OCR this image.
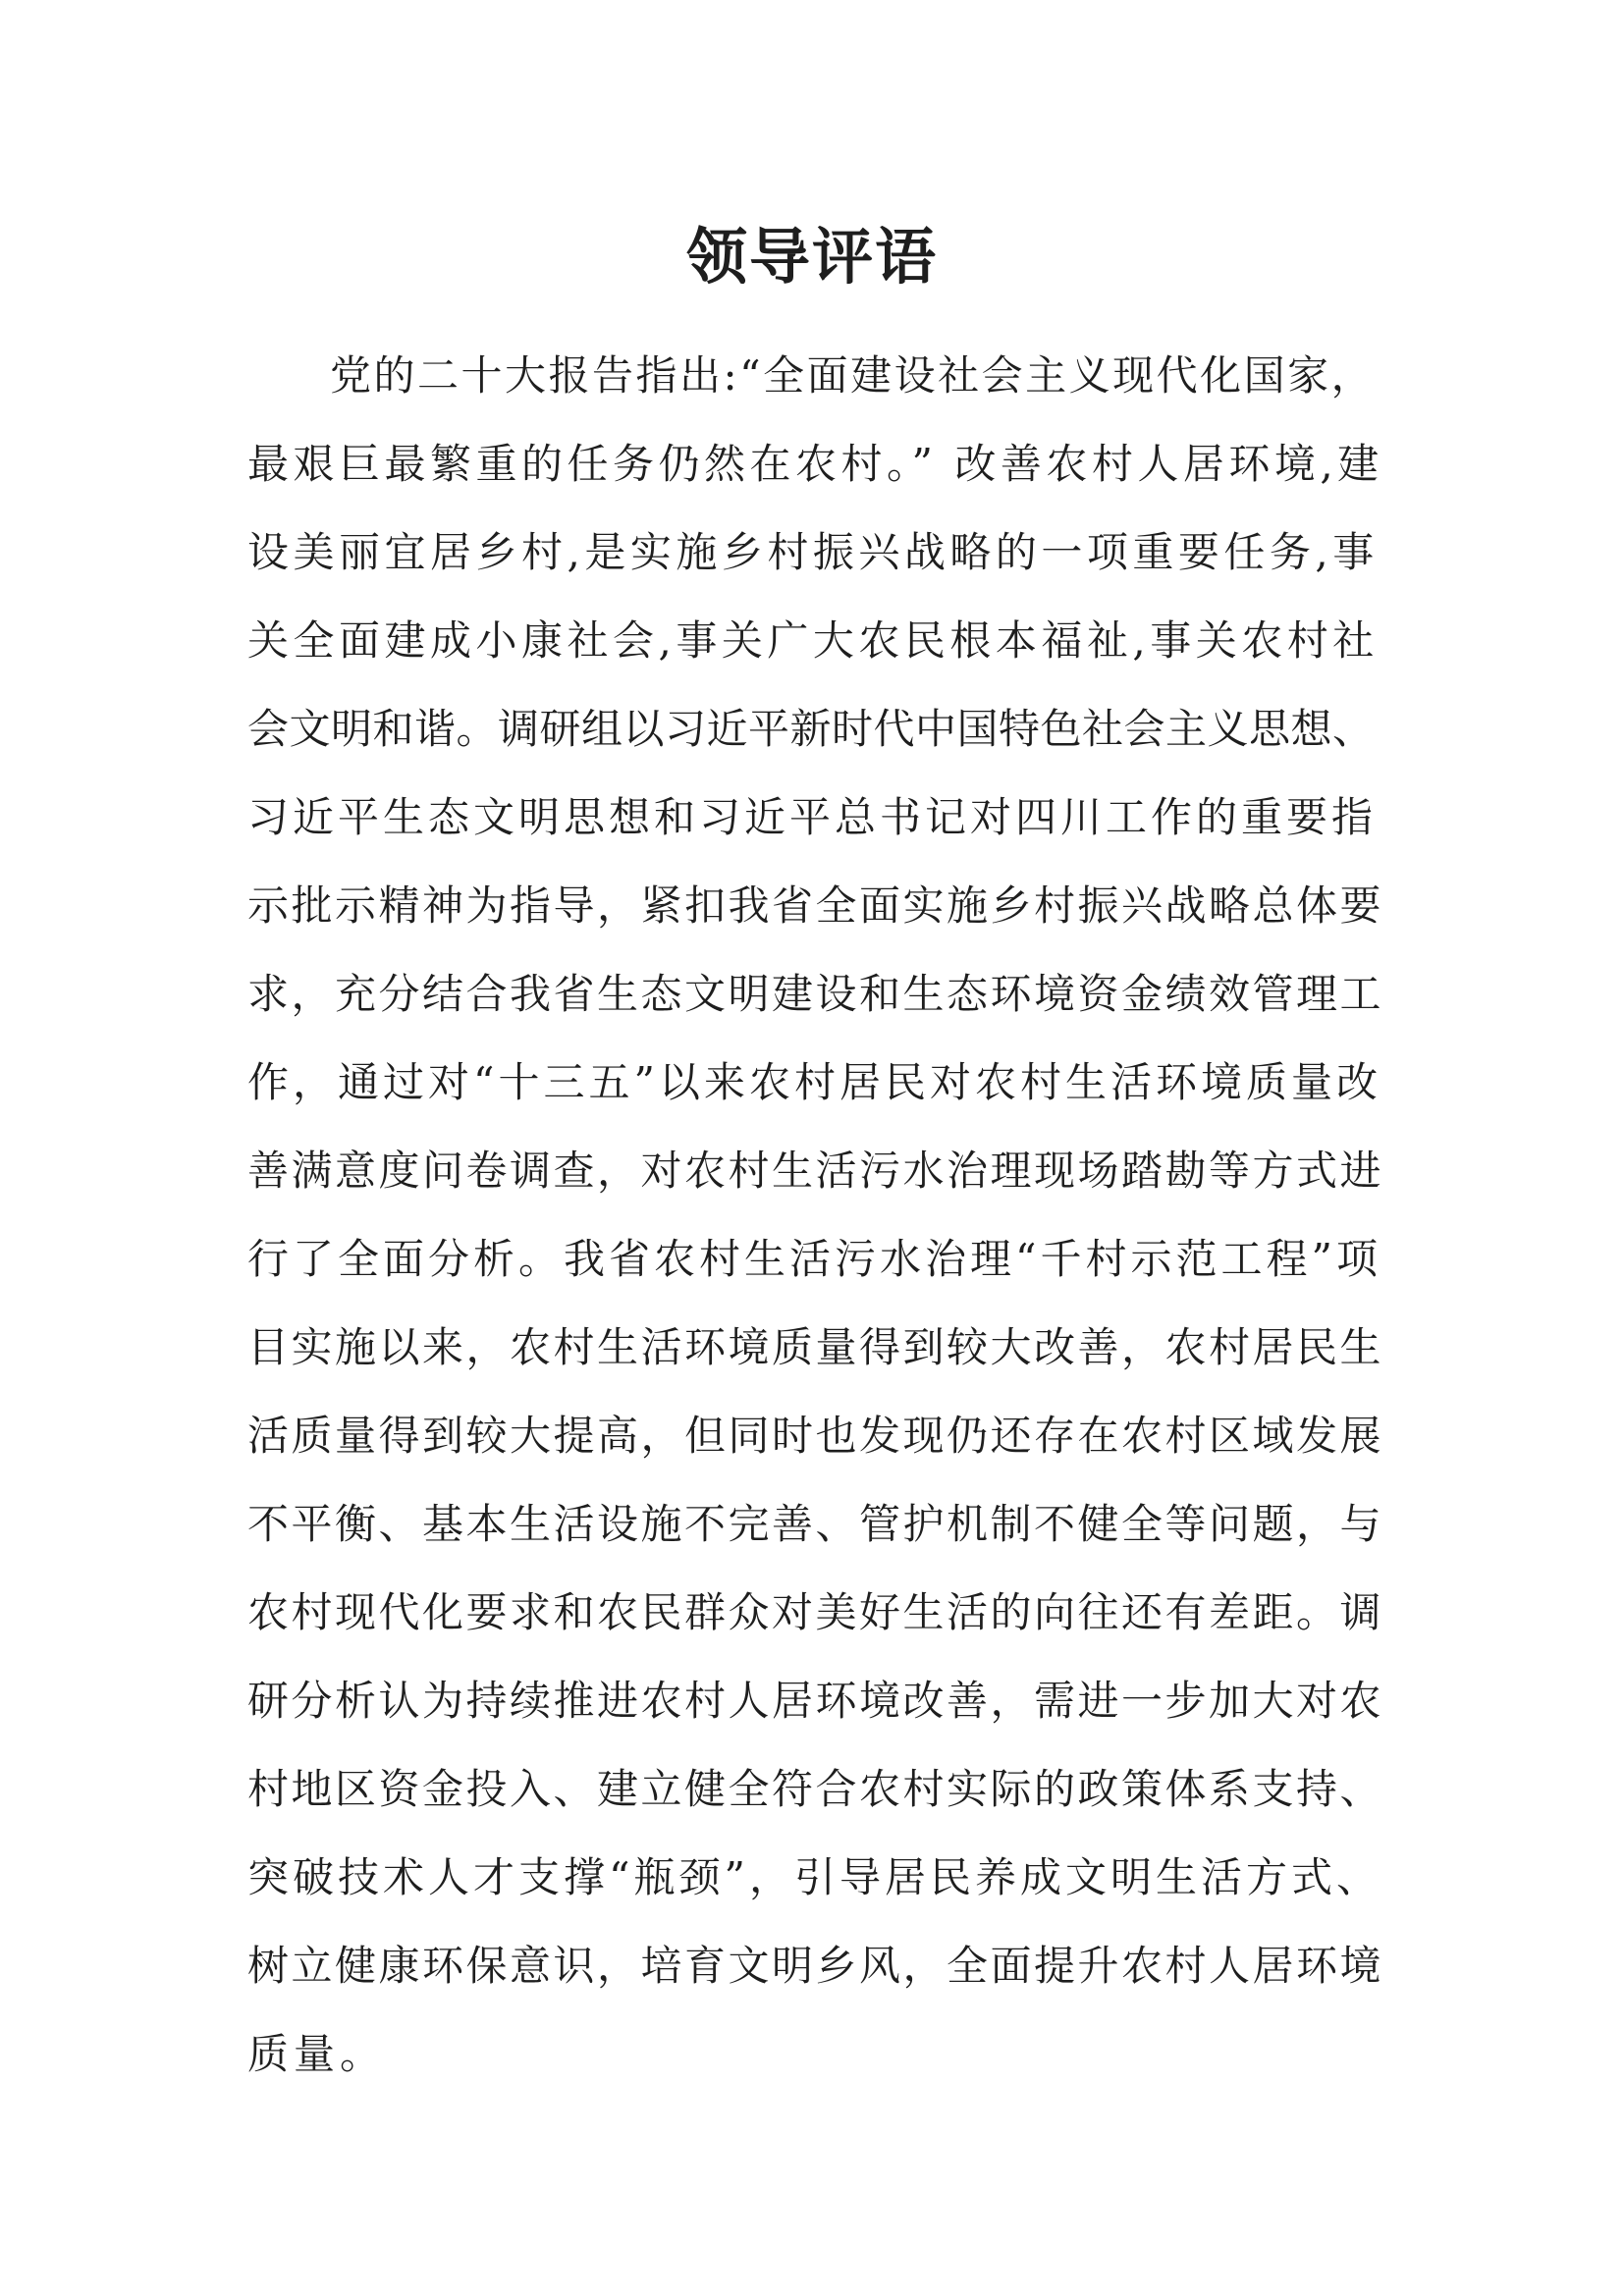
领导评语
党的二十大报告指出:“全面建设社会主义现代化国家，
最艰巨最繁重的任务仍然在农村。” 改善农村人居环境,建
设美丽宜居乡村,是实施乡村振兴战略的一项重要任务,事
关全面建成小康社会,事关广大农民根本福祉,事关农村社
会文明和谐。调研组以习近平新时代中国特色社会主义思想、
习近平生态文明思想和习近平总书记对四川工作的重要指
示批示精神为指导，紧扣我省全面实施乡村振兴战略总体要
求，充分结合我省生态文明建设和生态环境资金绩效管理工
作，通过对“十三五”以来农村居民对农村生活环境质量改
善满意度问卷调查，对农村生活污水治理现场踏勘等方式进
行了全面分析。我省农村生活污水治理“千村示范工程”项
目实施以来，农村生活环境质量得到较大改善，农村居民生
活质量得到较大提高，但同时也发现仍还存在农村区域发展
不平衡、基本生活设施不完善、管护机制不健全等问题，与
农村现代化要求和农民群众对美好生活的向往还有差距。调
研分析认为持续推进农村人居环境改善，需进一步加大对农
村地区资金投入、建立健全符合农村实际的政策体系支持、
突破技术人才支撑“瓶颈”，引导居民养成文明生活方式、
树立健康环保意识，培育文明乡风，全面提升农村人居环境
质量。
